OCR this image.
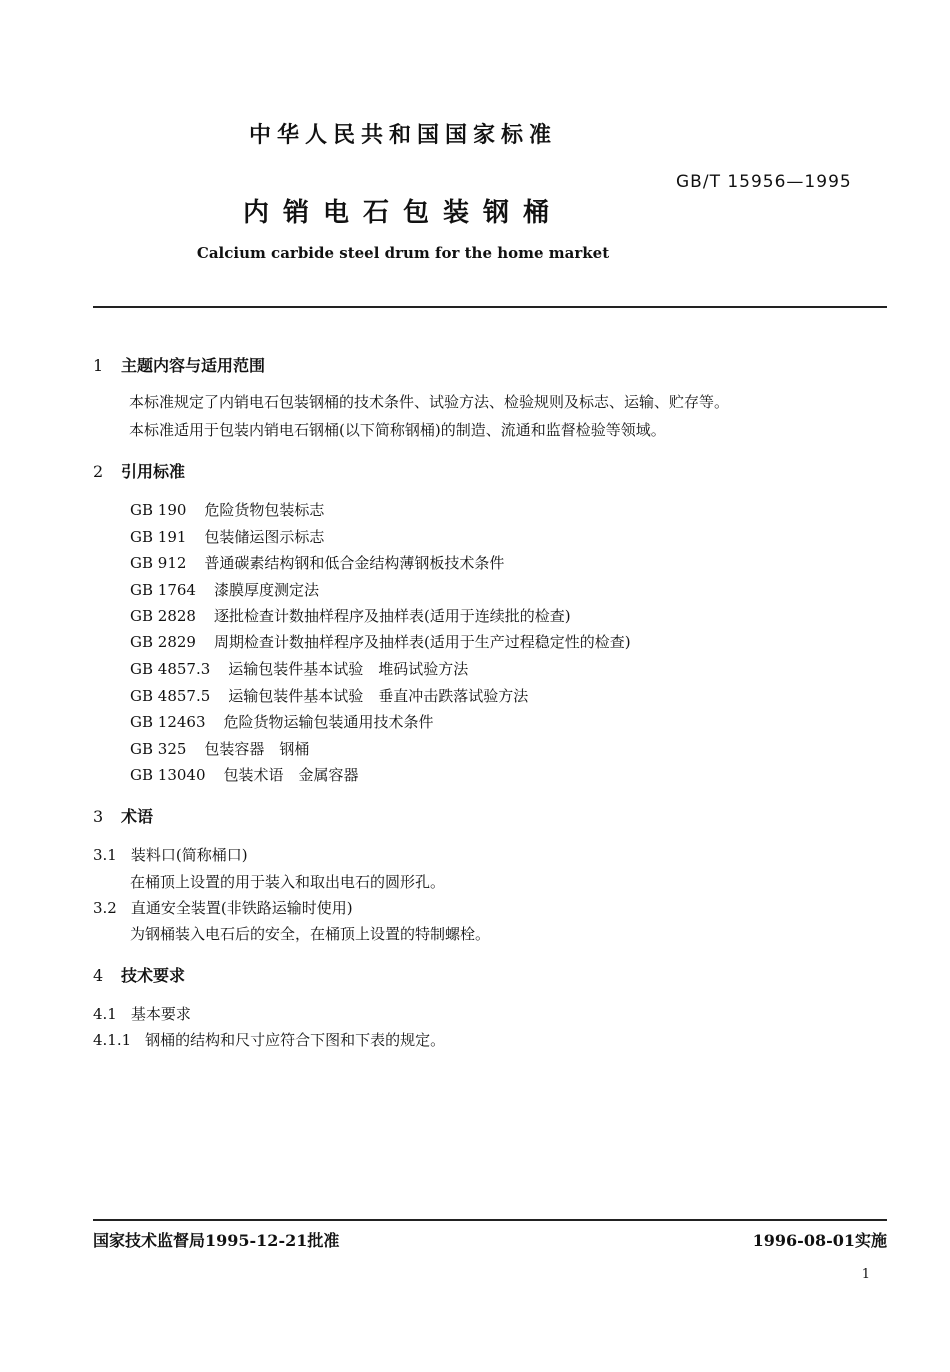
中华人民共和国国家标准
GB/T 15956—1995
内销电石包装钢桶
Calcium carbide steel drum for the home market
1 主题内容与适用范围
本标准规定了内销电石包装钢桶的技术条件、试验方法、检验规则及标志、运输、贮存等。
本标准适用于包装内销电石钢桶(以下简称钢桶)的制造、流通和监督检验等领域。
2 引用标准
GB 190 危险货物包装标志
GB 191 包装储运图示标志
GB 912 普通碳素结构钢和低合金结构薄钢板技术条件
GB 1764 漆膜厚度测定法
GB 2828 逐批检查计数抽样程序及抽样表(适用于连续批的检查)
GB 2829 周期检查计数抽样程序及抽样表(适用于生产过程稳定性的检查)
GB 4857.3 运输包装件基本试验　堆码试验方法
GB 4857.5 运输包装件基本试验　垂直冲击跌落试验方法
GB 12463 危险货物运输包装通用技术条件
GB 325 包装容器　钢桶
GB 13040 包装术语　金属容器
3 术语
3.1 装料口(简称桶口)
在桶顶上设置的用于装入和取出电石的圆形孔。
3.2 直通安全装置(非铁路运输时使用)
为钢桶装入电石后的安全，在桶顶上设置的特制螺栓。
4 技术要求
4.1 基本要求
4.1.1 钢桶的结构和尺寸应符合下图和下表的规定。
国家技术监督局1995-12-21批准	1996-08-01实施
1
